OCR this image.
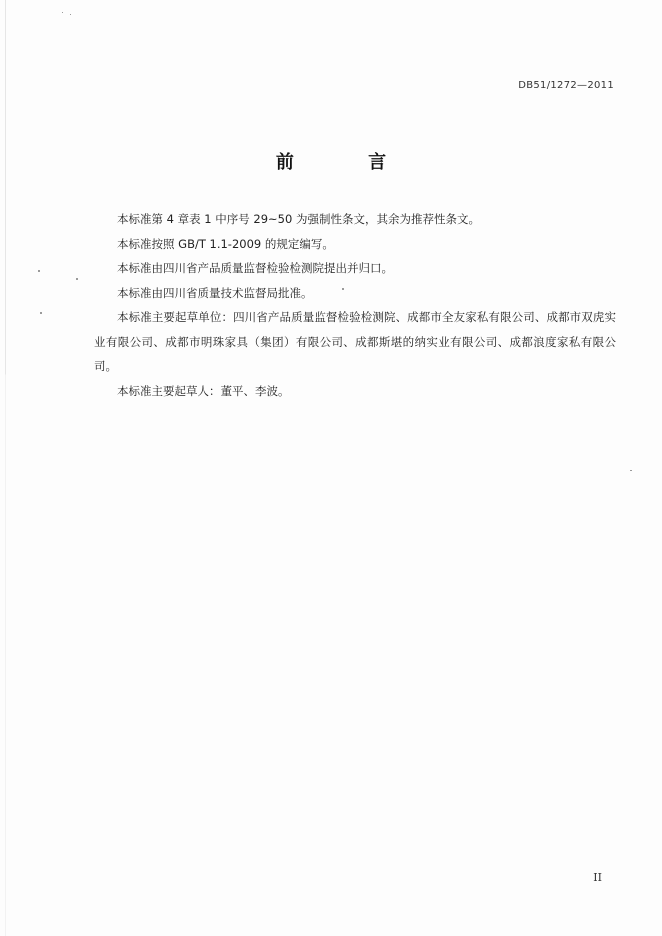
DB51/1272—2011
前 言

本标准第 4 章表 1 中序号 29~50 为强制性条文，其余为推荐性条文。

本标准按照 GB/T 1.1-2009 的规定编写。

本标准由四川省产品质量监督检验检测院提出并归口。

本标准由四川省质量技术监督局批准。

本标准主要起草单位：四川省产品质量监督检验检测院、成都市全友家私有限公司、成都市双虎实业有限公司、成都市明珠家具（集团）有限公司、成都斯堪的纳实业有限公司、成都浪度家私有限公司。

本标准主要起草人：董平、李波。

II
